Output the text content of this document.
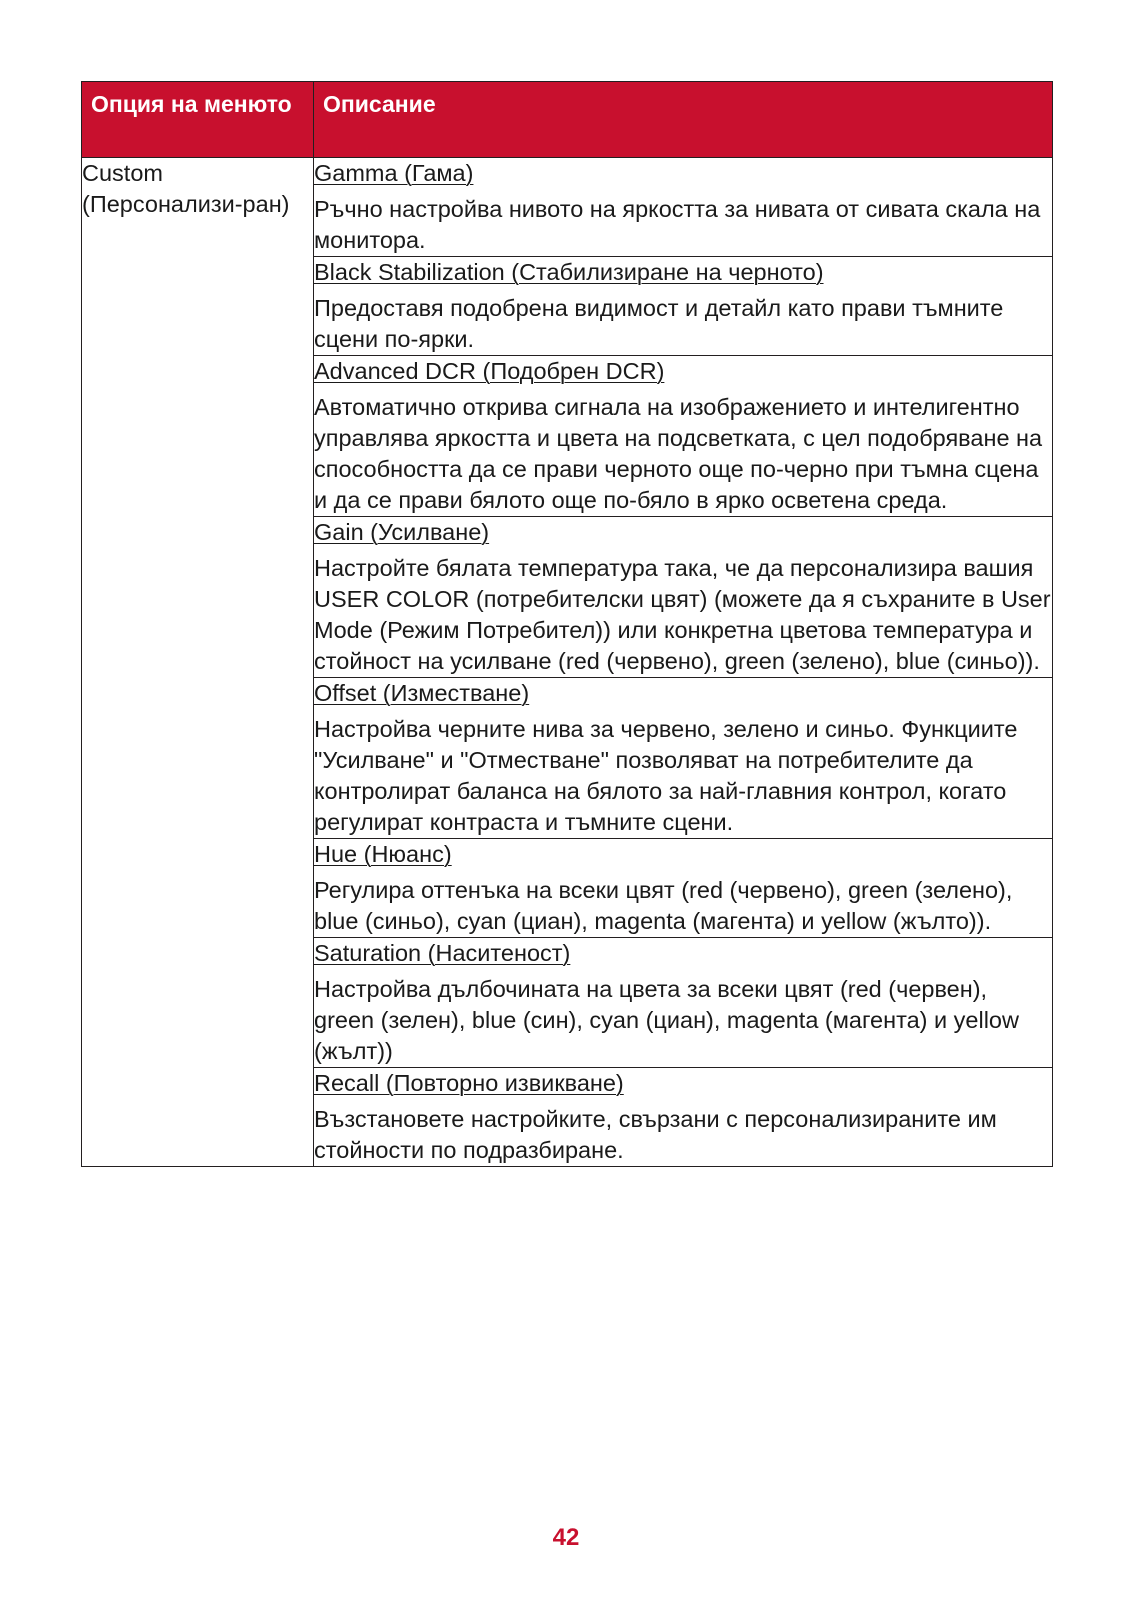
Опция на менюто	Описание
Custom (Персонализи-ран)	Gamma (Гама)
Ръчно настройва нивото на яркостта за нивата от сивата скала на монитора.

	Black Stabilization (Стабилизиране на черното)
Предоставя подобрена видимост и детайл като прави тъмните сцени по-ярки.

	Advanced DCR (Подобрен DCR)
Автоматично открива сигнала на изображението и интелигентно управлява яркостта и цвета на подсветката, с цел подобряване на способността да се прави черното още по-черно при тъмна сцена и да се прави бялото още по-бяло в ярко осветена среда.

	Gain (Усилване)
Настройте бялата температура така, че да персонализира вашия USER COLOR (потребителски цвят) (можете да я съхраните в User Mode (Режим Потребител)) или конкретна цветова температура и стойност на усилване (red (червено), green (зелено), blue (синьо)).

	Offset (Изместване)
Настройва черните нива за червено, зелено и синьо. Функциите "Усилване" и "Отместване" позволяват на потребителите да контролират баланса на бялото за най-главния контрол, когато регулират контраста и тъмните сцени.

	Hue (Нюанс)
Регулира оттенъка на всеки цвят (red (червено), green (зелено), blue (синьо), cyan (циан), magenta (магента) и yellow (жълто)).

	Saturation (Наситеност)
Настройва дълбочината на цвета за всеки цвят (red (червен), green (зелен), blue (син), cyan (циан), magenta (магента) и yellow (жълт))

	Recall (Повторно извикване)
Възстановете настройките, свързани с персонализираните им стойности по подразбиране.
42
